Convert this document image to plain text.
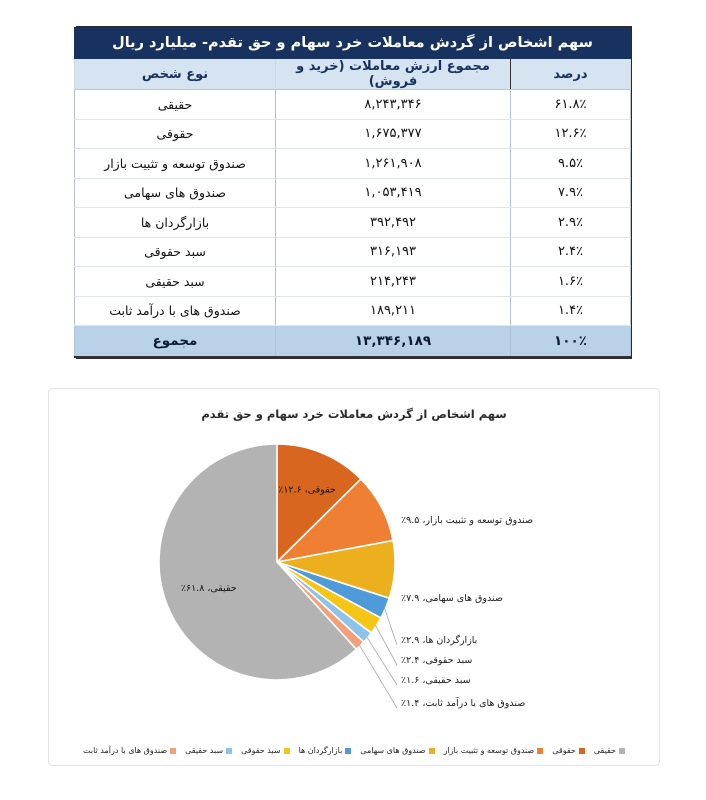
سهم اشخاص از گردش معاملات خرد سهام و حق تقدم- میلیارد ریال		
درصد	مجموع ارزش معاملات (خرید و فروش)	نوع شخص
۶۱.۸٪	۸,۲۴۳,۳۴۶	حقیقی
۱۲.۶٪	۱,۶۷۵,۳۷۷	حقوقی
۹.۵٪	۱,۲۶۱,۹۰۸	صندوق توسعه و تثبیت بازار
۷.۹٪	۱,۰۵۳,۴۱۹	صندوق های سهامی
۲.۹٪	۳۹۲,۴۹۲	بازارگردان ها
۲.۴٪	۳۱۶,۱۹۳	سبد حقوقی
۱.۶٪	۲۱۴,۲۴۳	سبد حقیقی
۱.۴٪	۱۸۹,۲۱۱	صندوق های با درآمد ثابت
۱۰۰٪	۱۳,۳۴۶,۱۸۹	مجموع
سهم اشخاص از گردش معاملات خرد سهام و حق تقدم
حقیقی، ۶۱.۸٪
حقوقی، ۱۲.۶٪
صندوق توسعه و تثبیت بازار، ۹.۵٪
صندوق های سهامی، ۷.۹٪
بازارگردان ها، ۲.۹٪
سبد حقوقی، ۲.۴٪
سبد حقیقی، ۱.۶٪
صندوق های با درآمد ثابت، ۱.۴٪
حقیقی
حقوقی
صندوق توسعه و تثبیت بازار
صندوق های سهامی
بازارگردان ها
سبد حقوقی
سبد حقیقی
صندوق های با درآمد ثابت
